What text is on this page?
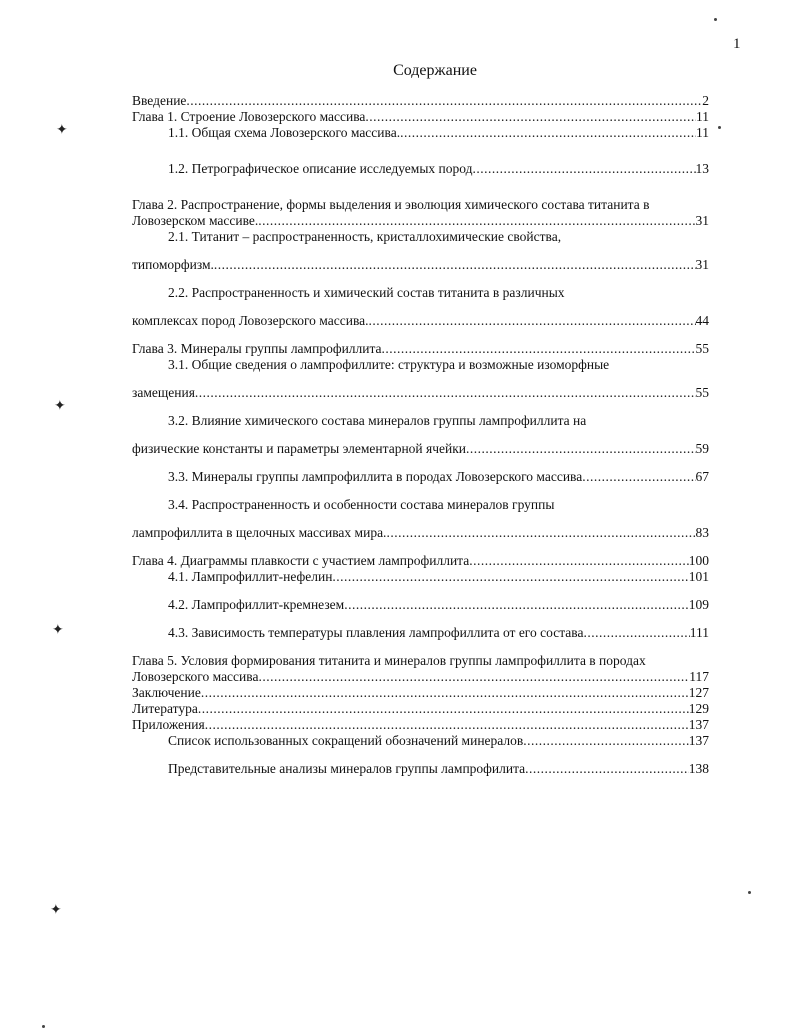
1
Содержание
Введение .....	2
Глава 1. Строение Ловозерского массива .....	11
1.1. Общая схема Ловозерского массива. .....	11
1.2. Петрографическое описание исследуемых пород .....	13
Глава 2. Распространение, формы выделения и эволюция химического состава титанита в
Ловозерском массиве. .....	31
2.1. Титанит – распространенность, кристаллохимические свойства,
типоморфизм. .....	31
2.2. Распространенность и химический состав титанита в различных
комплексах пород Ловозерского массива. .....	44
Глава 3. Минералы группы лампрофиллита .....	55
3.1. Общие сведения о лампрофиллите: структура и возможные изоморфные
замещения .....	55
3.2. Влияние химического состава минералов группы лампрофиллита на
физические константы и параметры элементарной ячейки .....	59
3.3. Минералы группы лампрофиллита в породах Ловозерского массива .....	67
3.4. Распространенность и особенности состава минералов группы
лампрофиллита в щелочных массивах мира. .....	83
Глава 4. Диаграммы плавкости с участием лампрофиллита .....	100
4.1. Лампрофиллит-нефелин .....	101
4.2. Лампрофиллит-кремнезем .....	109
4.3. Зависимость температуры плавления лампрофиллита от его состава .....	111
Глава 5. Условия формирования титанита и минералов группы лампрофиллита в породах
Ловозерского массива .....	117
Заключение .....	127
Литература .....	129
Приложения .....	137
Список использованных сокращений обозначений минералов .....	137
Представительные анализы минералов группы лампрофилита .....	138
✦
✦
✦
✦
